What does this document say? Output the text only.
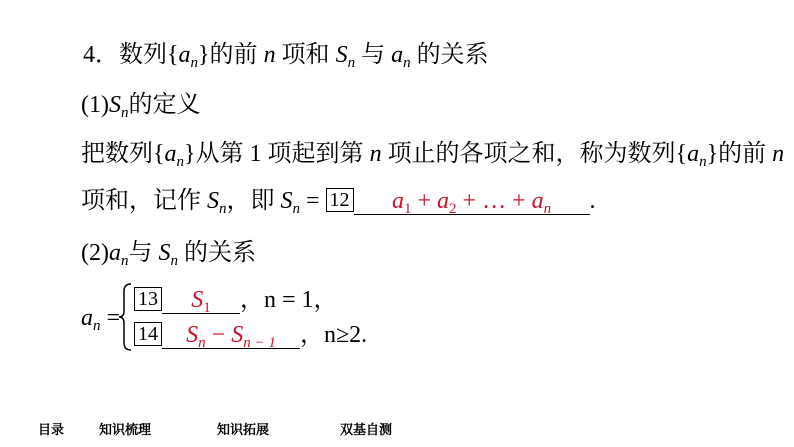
4．数列$\{a_n\}$的前 n 项和 $S_n$ 与 $a_n$ 的关系
$(1)S_n$的定义
把数列$\{a_n\}$从第 1 项起到第 n 项止的各项之和，称为数列$\{a_n\}$的前 n
项和，记作 $S_n$，即 $S_n = 12$ $a_1 + a_2$ + … + $a_n$ .
$(2)a_n$与 $S_n$ 的关系
$a_n$ =
13 $S_1$ ，n = 1，
14 $S_n - S_{n - 1}$ ，n≥2.
目录	知识梳理	知识拓展	双基自测
